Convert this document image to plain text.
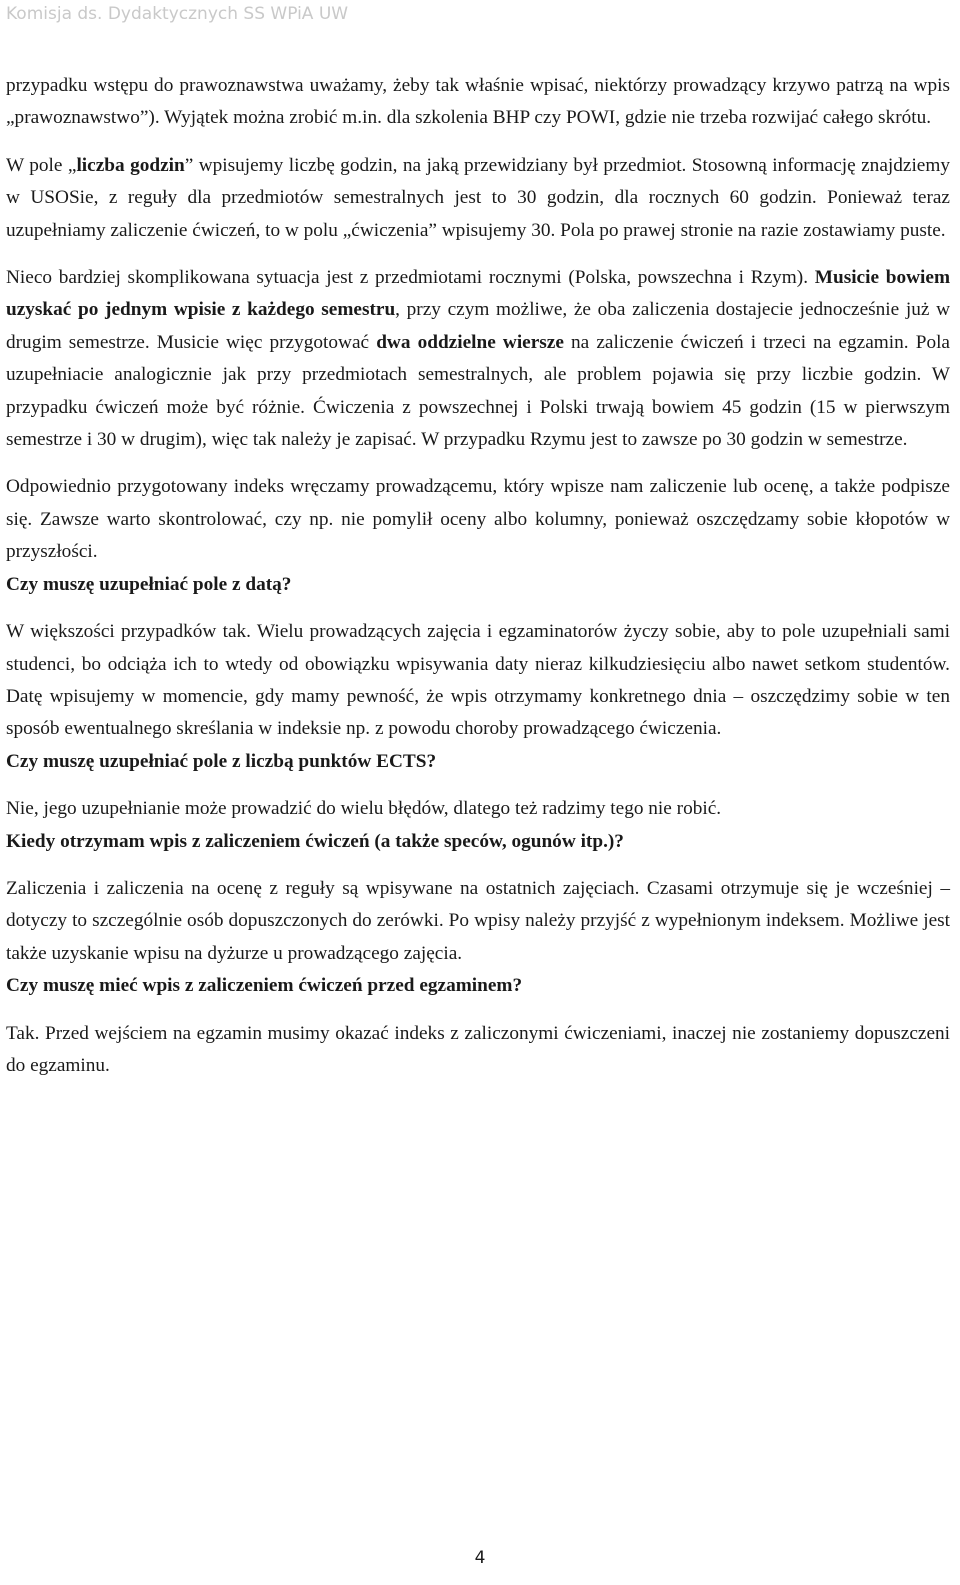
Komisja ds. Dydaktycznych SS WPiA UW

przypadku wstępu do prawoznawstwa uważamy, żeby tak właśnie wpisać, niektórzy prowadzący krzywo patrzą na wpis „prawoznawstwo”). Wyjątek można zrobić m.in. dla szkolenia BHP czy POWI, gdzie nie trzeba rozwijać całego skrótu.

W pole „liczba godzin” wpisujemy liczbę godzin, na jaką przewidziany był przedmiot. Stosowną informację znajdziemy w USOSie, z reguły dla przedmiotów semestralnych jest to 30 godzin, dla rocznych 60 godzin. Ponieważ teraz uzupełniamy zaliczenie ćwiczeń, to w polu „ćwiczenia” wpisujemy 30. Pola po prawej stronie na razie zostawiamy puste.

Nieco bardziej skomplikowana sytuacja jest z przedmiotami rocznymi (Polska, powszechna i Rzym). Musicie bowiem uzyskać po jednym wpisie z każdego semestru, przy czym możliwe, że oba zaliczenia dostajecie jednocześnie już w drugim semestrze. Musicie więc przygotować dwa oddzielne wiersze na zaliczenie ćwiczeń i trzeci na egzamin. Pola uzupełniacie analogicznie jak przy przedmiotach semestralnych, ale problem pojawia się przy liczbie godzin. W przypadku ćwiczeń może być różnie. Ćwiczenia z powszechnej i Polski trwają bowiem 45 godzin (15 w pierwszym semestrze i 30 w drugim), więc tak należy je zapisać. W przypadku Rzymu jest to zawsze po 30 godzin w semestrze.

Odpowiednio przygotowany indeks wręczamy prowadzącemu, który wpisze nam zaliczenie lub ocenę, a także podpisze się. Zawsze warto skontrolować, czy np. nie pomylił oceny albo kolumny, ponieważ oszczędzamy sobie kłopotów w przyszłości.

Czy muszę uzupełniać pole z datą?

W większości przypadków tak. Wielu prowadzących zajęcia i egzaminatorów życzy sobie, aby to pole uzupełniali sami studenci, bo odciąża ich to wtedy od obowiązku wpisywania daty nieraz kilkudziesięciu albo nawet setkom studentów. Datę wpisujemy w momencie, gdy mamy pewność, że wpis otrzymamy konkretnego dnia – oszczędzimy sobie w ten sposób ewentualnego skreślania w indeksie np. z powodu choroby prowadzącego ćwiczenia.

Czy muszę uzupełniać pole z liczbą punktów ECTS?

Nie, jego uzupełnianie może prowadzić do wielu błędów, dlatego też radzimy tego nie robić.

Kiedy otrzymam wpis z zaliczeniem ćwiczeń (a także speców, ogunów itp.)?

Zaliczenia i zaliczenia na ocenę z reguły są wpisywane na ostatnich zajęciach. Czasami otrzymuje się je wcześniej – dotyczy to szczególnie osób dopuszczonych do zerówki. Po wpisy należy przyjść z wypełnionym indeksem. Możliwe jest także uzyskanie wpisu na dyżurze u prowadzącego zajęcia.

Czy muszę mieć wpis z zaliczeniem ćwiczeń przed egzaminem?

Tak. Przed wejściem na egzamin musimy okazać indeks z zaliczonymi ćwiczeniami, inaczej nie zostaniemy dopuszczeni do egzaminu.

4
